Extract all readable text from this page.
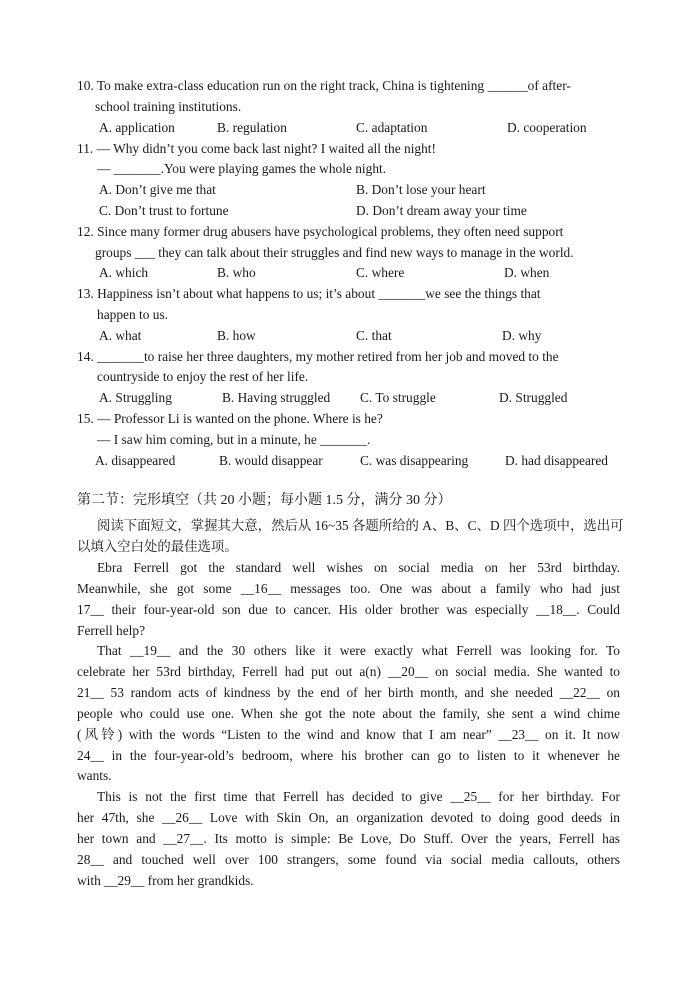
10. To make extra-class education run on the right track, China is tightening ______of after-
school training institutions.
A. application	B. regulation	C. adaptation	D. cooperation
11. — Why didn’t you come back last night? I waited all the night!
— _______.You were playing games the whole night.
A. Don’t give me that	B. Don’t lose your heart
C. Don’t trust to fortune	D. Don’t dream away your time
12. Since many former drug abusers have psychological problems, they often need support
groups ___ they can talk about their struggles and find new ways to manage in the world.
A. which	B. who	C. where	D. when
13. Happiness isn’t about what happens to us; it’s about _______we see the things that
happen to us.
A. what	B. how	C. that	D. why
14. _______to raise her three daughters, my mother retired from her job and moved to the
countryside to enjoy the rest of her life.
A. Struggling	B. Having struggled C. To struggle	D. Struggled
15. — Professor Li is wanted on the phone. Where is he?
— I saw him coming, but in a minute, he _______.
A. disappeared	B. would disappear	C. was disappearing	D. had disappeared
第二节：完形填空（共 20 小题；每小题 1.5 分，满分 30 分）
阅读下面短文，掌握其大意，然后从 16~35 各题所给的 A、B、C、D 四个选项中，选出可
以填入空白处的最佳选项。
Ebra Ferrell got the standard well wishes on social media on her 53rd birthday.
Meanwhile, she got some __16__ messages too. One was about a family who had just
17__ their four-year-old son due to cancer. His older brother was especially __18__. Could
Ferrell help?
That __19__ and the 30 others like it were exactly what Ferrell was looking for. To
celebrate her 53rd birthday, Ferrell had put out a(n) __20__ on social media. She wanted to
21__ 53 random acts of kindness by the end of her birth month, and she needed __22__ on
people who could use one. When she got the note about the family, she sent a wind chime
(风铃) with the words “Listen to the wind and know that I am near” __23__ on it. It now
24__ in the four-year-old’s bedroom, where his brother can go to listen to it whenever he
wants.
This is not the first time that Ferrell has decided to give __25__ for her birthday. For
her 47th, she __26__ Love with Skin On, an organization devoted to doing good deeds in
her town and __27__. Its motto is simple: Be Love, Do Stuff. Over the years, Ferrell has
28__ and touched well over 100 strangers, some found via social media callouts, others
with __29__ from her grandkids.
